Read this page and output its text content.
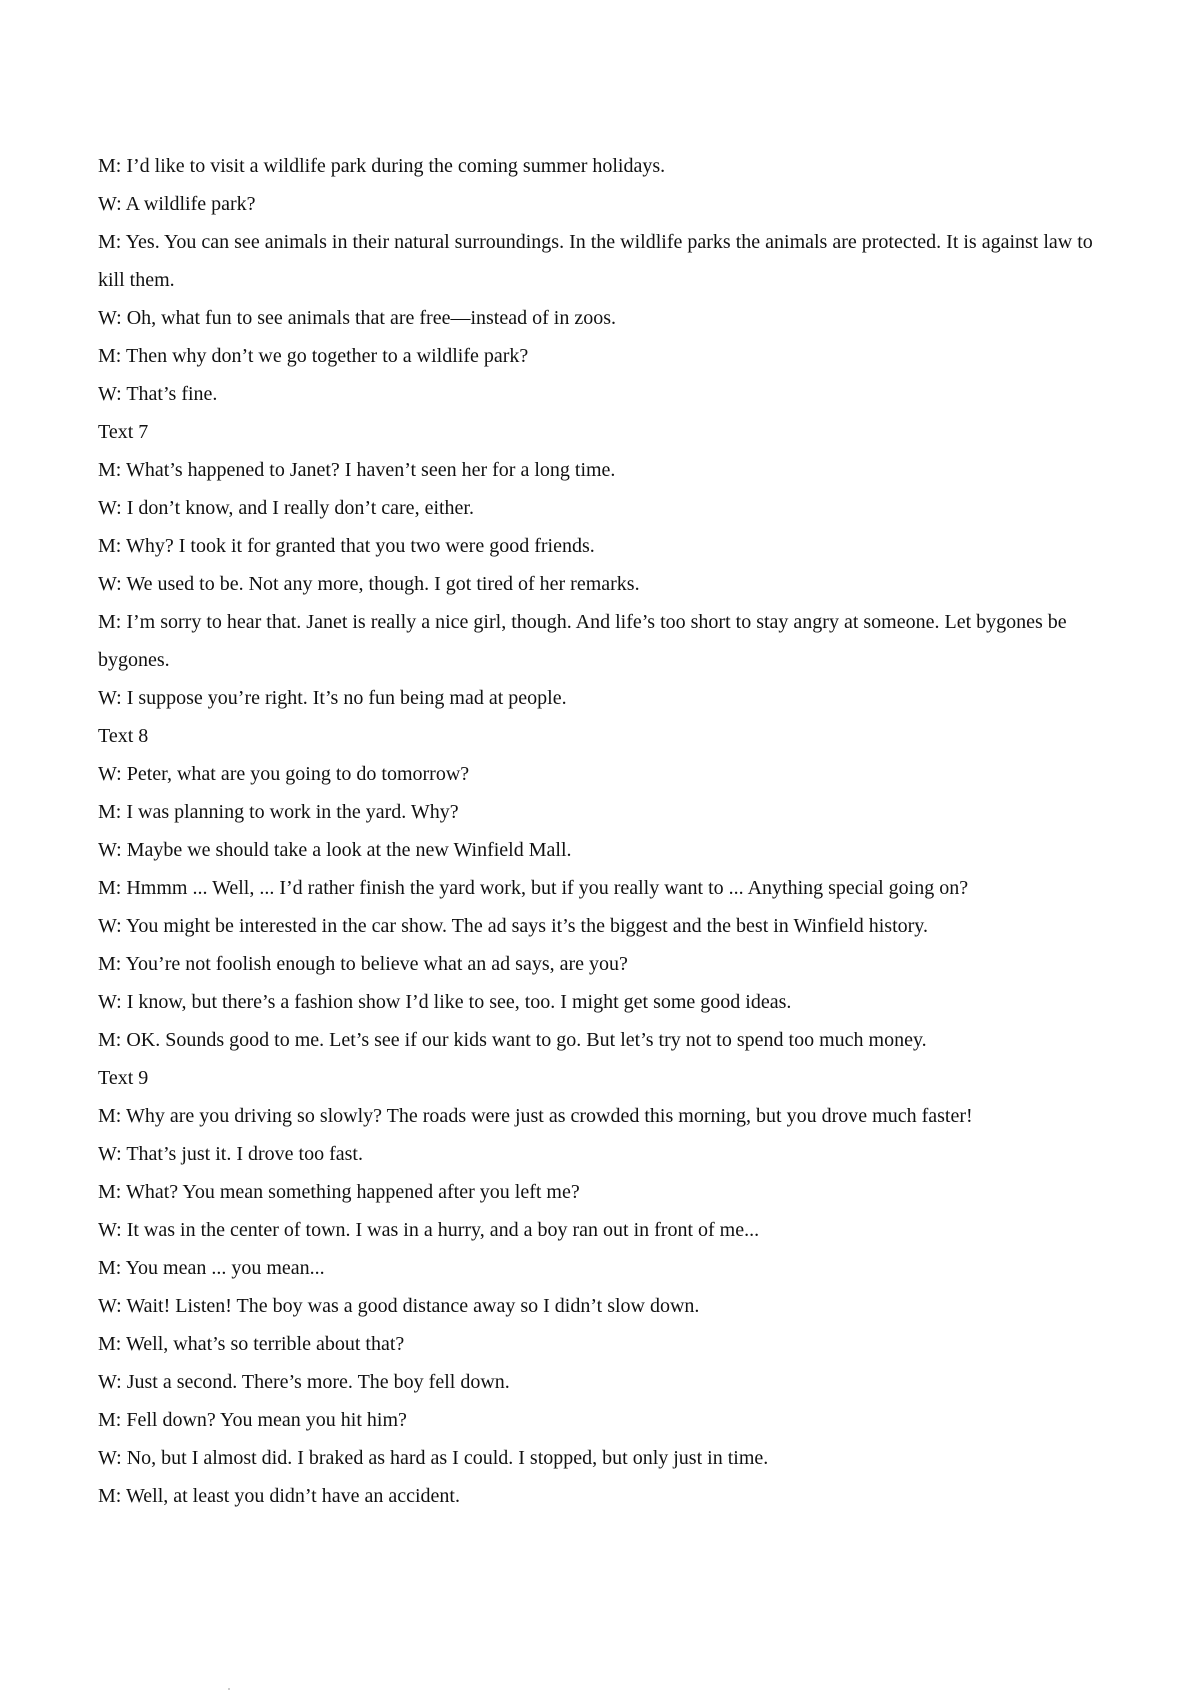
M: I’d like to visit a wildlife park during the coming summer holidays.

W: A wildlife park?

M: Yes. You can see animals in their natural surroundings. In the wildlife parks the animals are protected. It is against law to kill them.

W: Oh, what fun to see animals that are free—instead of in zoos.

M: Then why don’t we go together to a wildlife park?

W: That’s fine.

Text 7

M: What’s happened to Janet? I haven’t seen her for a long time.

W: I don’t know, and I really don’t care, either.

M: Why? I took it for granted that you two were good friends.

W: We used to be. Not any more, though. I got tired of her remarks.

M: I’m sorry to hear that. Janet is really a nice girl, though. And life’s too short to stay angry at someone. Let bygones be bygones.

W: I suppose you’re right. It’s no fun being mad at people.

Text 8

W: Peter, what are you going to do tomorrow?

M: I was planning to work in the yard. Why?

W: Maybe we should take a look at the new Winfield Mall.

M: Hmmm ... Well, ... I’d rather finish the yard work, but if you really want to ... Anything special going on?

W: You might be interested in the car show. The ad says it’s the biggest and the best in Winfield history.

M: You’re not foolish enough to believe what an ad says, are you?

W: I know, but there’s a fashion show I’d like to see, too. I might get some good ideas.

M: OK. Sounds good to me. Let’s see if our kids want to go. But let’s try not to spend too much money.

Text 9

M: Why are you driving so slowly? The roads were just as crowded this morning, but you drove much faster!

W: That’s just it. I drove too fast.

M: What? You mean something happened after you left me?

W: It was in the center of town. I was in a hurry, and a boy ran out in front of me...

M: You mean ... you mean...

W: Wait! Listen! The boy was a good distance away so I didn’t slow down.

M: Well, what’s so terrible about that?

W: Just a second. There’s more. The boy fell down.

M: Fell down? You mean you hit him?

W: No, but I almost did. I braked as hard as I could. I stopped, but only just in time.

M: Well, at least you didn’t have an accident.
